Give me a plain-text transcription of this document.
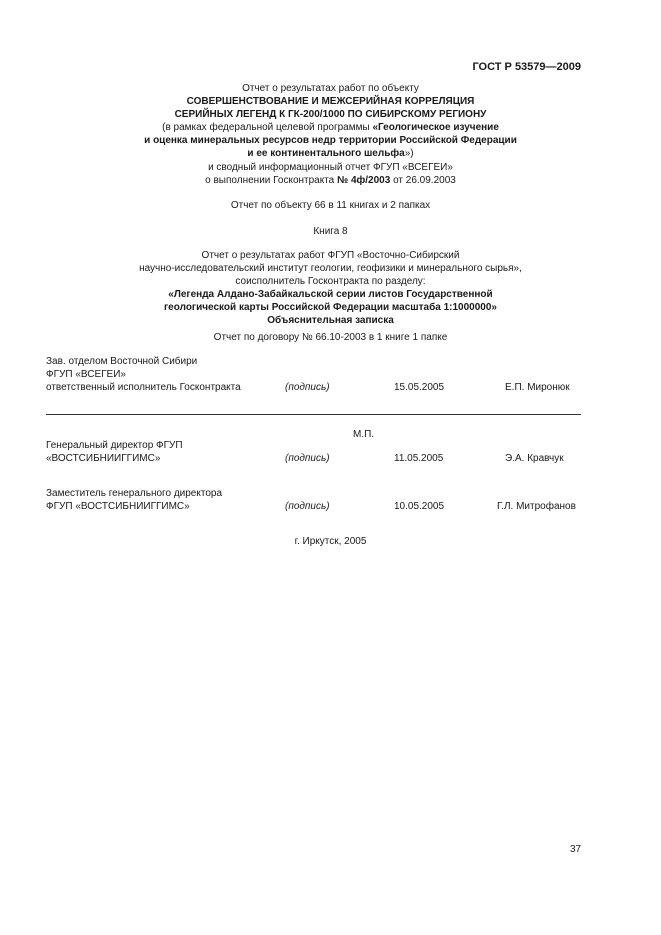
ГОСТ Р 53579—2009
Отчет о результатах работ по объекту
СОВЕРШЕНСТВОВАНИЕ И МЕЖСЕРИЙНАЯ КОРРЕЛЯЦИЯ
СЕРИЙНЫХ ЛЕГЕНД К ГК-200/1000 ПО СИБИРСКОМУ РЕГИОНУ
(в рамках федеральной целевой программы «Геологическое изучение
и оценка минеральных ресурсов недр территории Российской Федерации
и ее континентального шельфа»)
и сводный информационный отчет ФГУП «ВСЕГЕИ»
о выполнении Госконтракта № 4ф/2003 от 26.09.2003
Отчет по объекту 66 в 11 книгах и 2 папках
Книга 8
Отчет о результатах работ ФГУП «Восточно-Сибирский
научно-исследовательский институт геологии, геофизики и минерального сырья»,
соисполнитель Госконтракта по разделу:
«Легенда Алдано-Забайкальской серии листов Государственной
геологической карты Российской Федерации масштаба 1:1000000»
Объяснительная записка
Отчет по договору № 66.10-2003 в 1 книге 1 папке
Зав. отделом Восточной Сибири
ФГУП «ВСЕГЕИ»
ответственный исполнитель Госконтракта	(подпись)	15.05.2005	Е.П. Миронюк
М.П.
Генеральный директор ФГУП
«ВОСТСИБНИИГГИМС»	(подпись)	11.05.2005	Э.А. Кравчук
Заместитель генерального директора
ФГУП «ВОСТСИБНИИГГИМС»	(подпись)	10.05.2005	Г.Л. Митрофанов
г. Иркутск, 2005
37
